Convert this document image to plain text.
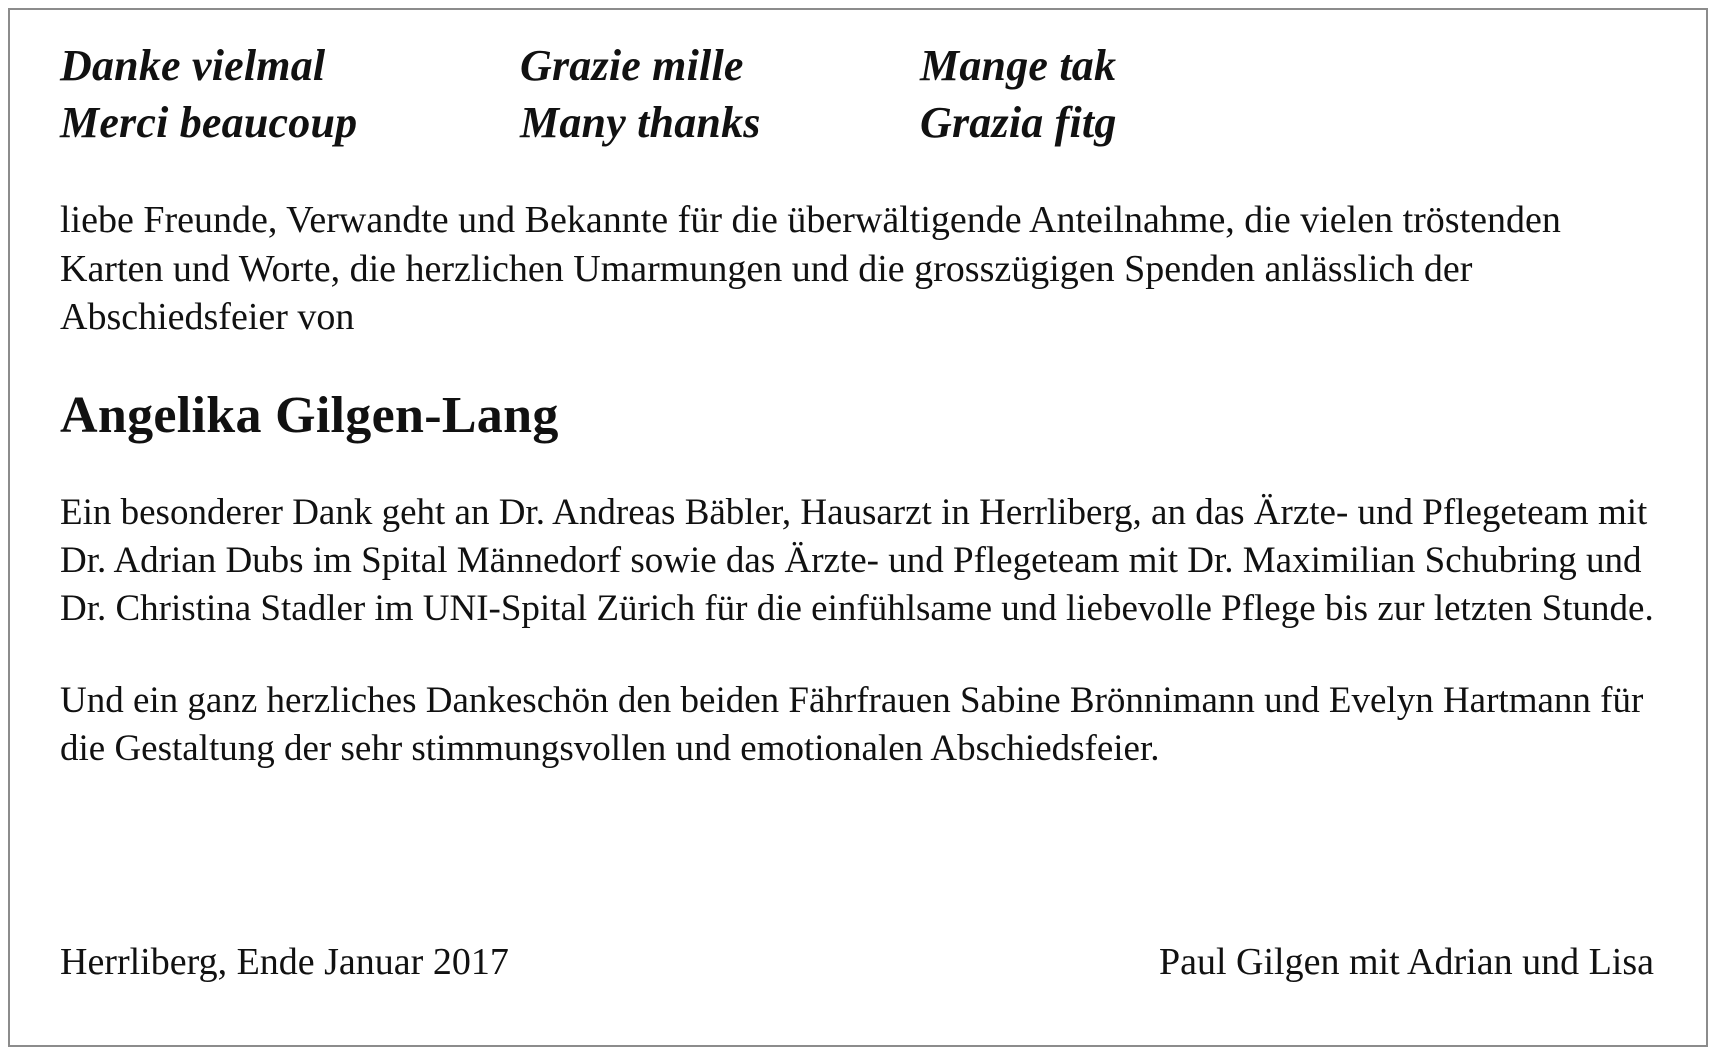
Danke vielmal	Grazie mille	Mange tak
Merci beaucoup	Many thanks	Grazia fitg
liebe Freunde, Verwandte und Bekannte für die überwältigende Anteilnahme, die vielen tröstenden Karten und Worte, die herzlichen Umarmungen und die grosszügigen Spenden anlässlich der Abschiedsfeier von
Angelika Gilgen-Lang
Ein besonderer Dank geht an Dr. Andreas Bäbler, Hausarzt in Herrliberg, an das Ärzte- und Pflegeteam mit Dr. Adrian Dubs im Spital Männedorf sowie das Ärzte- und Pflegeteam mit Dr. Maximilian Schubring und Dr. Christina Stadler im UNI-Spital Zürich für die einfühlsame und liebevolle Pflege bis zur letzten Stunde.
Und ein ganz herzliches Dankeschön den beiden Fährfrauen Sabine Brönnimann und Evelyn Hartmann für die Gestaltung der sehr stimmungsvollen und emotionalen Abschiedsfeier.
Herrliberg, Ende Januar 2017	Paul Gilgen mit Adrian und Lisa
